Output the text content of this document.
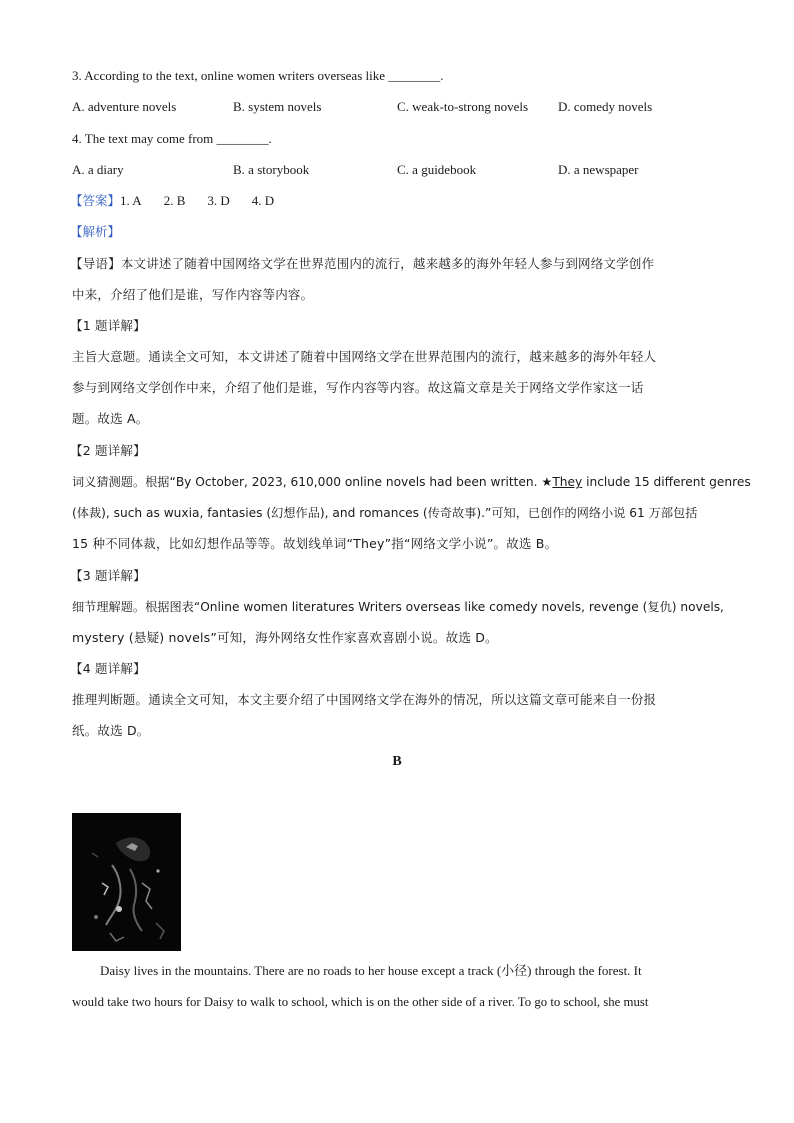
3. According to the text, online women writers overseas like ________.
A. adventure novels	B. system novels	C. weak-to-strong novels D. comedy novels
4. The text may come from ________.
A. a diary	B. a storybook	C. a guidebook	D. a newspaper
【答案】1. A 2. B 3. D 4. D
【解析】
【导语】本文讲述了随着中国网络文学在世界范围内的流行，越来越多的海外年轻人参与到网络文学创作
中来，介绍了他们是谁，写作内容等内容。
【1 题详解】
主旨大意题。通读全文可知，本文讲述了随着中国网络文学在世界范围内的流行，越来越多的海外年轻人
参与到网络文学创作中来，介绍了他们是谁，写作内容等内容。故这篇文章是关于网络文学作家这一话
题。故选 A。
【2 题详解】
词义猜测题。根据“By October, 2023, 610,000 online novels had been written. ★They include 15 different genres
(体裁), such as wuxia, fantasies (幻想作品), and romances (传奇故事).”可知，已创作的网络小说 61 万部包括
15 种不同体裁，比如幻想作品等等。故划线单词“They”指“网络文学小说”。故选 B。
【3 题详解】
细节理解题。根据图表“Online women literatures Writers overseas like comedy novels, revenge (复仇) novels,
mystery (悬疑) novels”可知，海外网络女性作家喜欢喜剧小说。故选 D。
【4 题详解】
推理判断题。通读全文可知，本文主要介绍了中国网络文学在海外的情况，所以这篇文章可能来自一份报
纸。故选 D。
B
Daisy lives in the mountains. There are no roads to her house except a track (小径) through the forest. It
would take two hours for Daisy to walk to school, which is on the other side of a river. To go to school, she must
